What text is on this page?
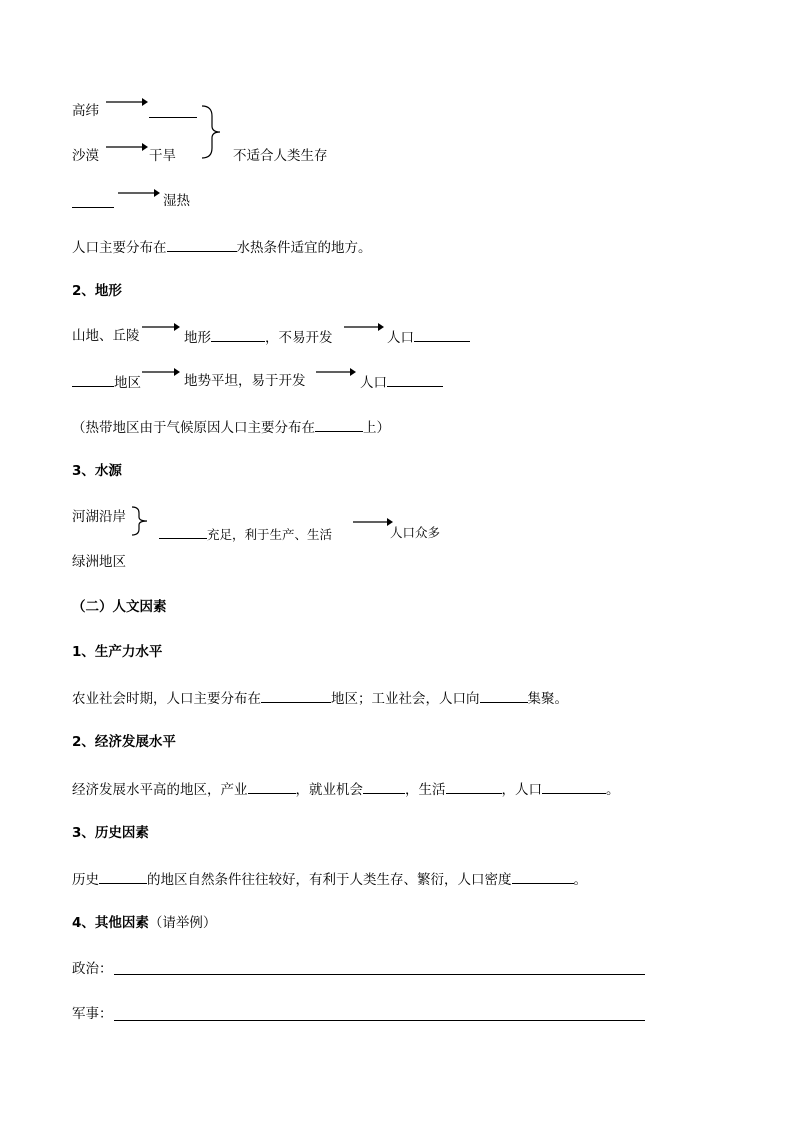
高纬
沙漠	干旱	不适合人类生存
湿热
人口主要分布在	水热条件适宜的地方。
2、地形
山地、丘陵	地形	，不易开发	人口
地区	地势平坦，易于开发	人口
（热带地区由于气候原因人口主要分布在	上）
3、水源
河湖沿岸
充足，利于生产、生活	人口众多
绿洲地区
（二）人文因素
1、生产力水平
农业社会时期，人口主要分布在	地区；工业社会，人口向	集聚。
2、经济发展水平
经济发展水平高的地区，产业	，就业机会	，生活	，人口	。
3、历史因素
历史	的地区自然条件往往较好，有利于人类生存、繁衍，人口密度	。
4、其他因素（请举例）
政治：
军事：
